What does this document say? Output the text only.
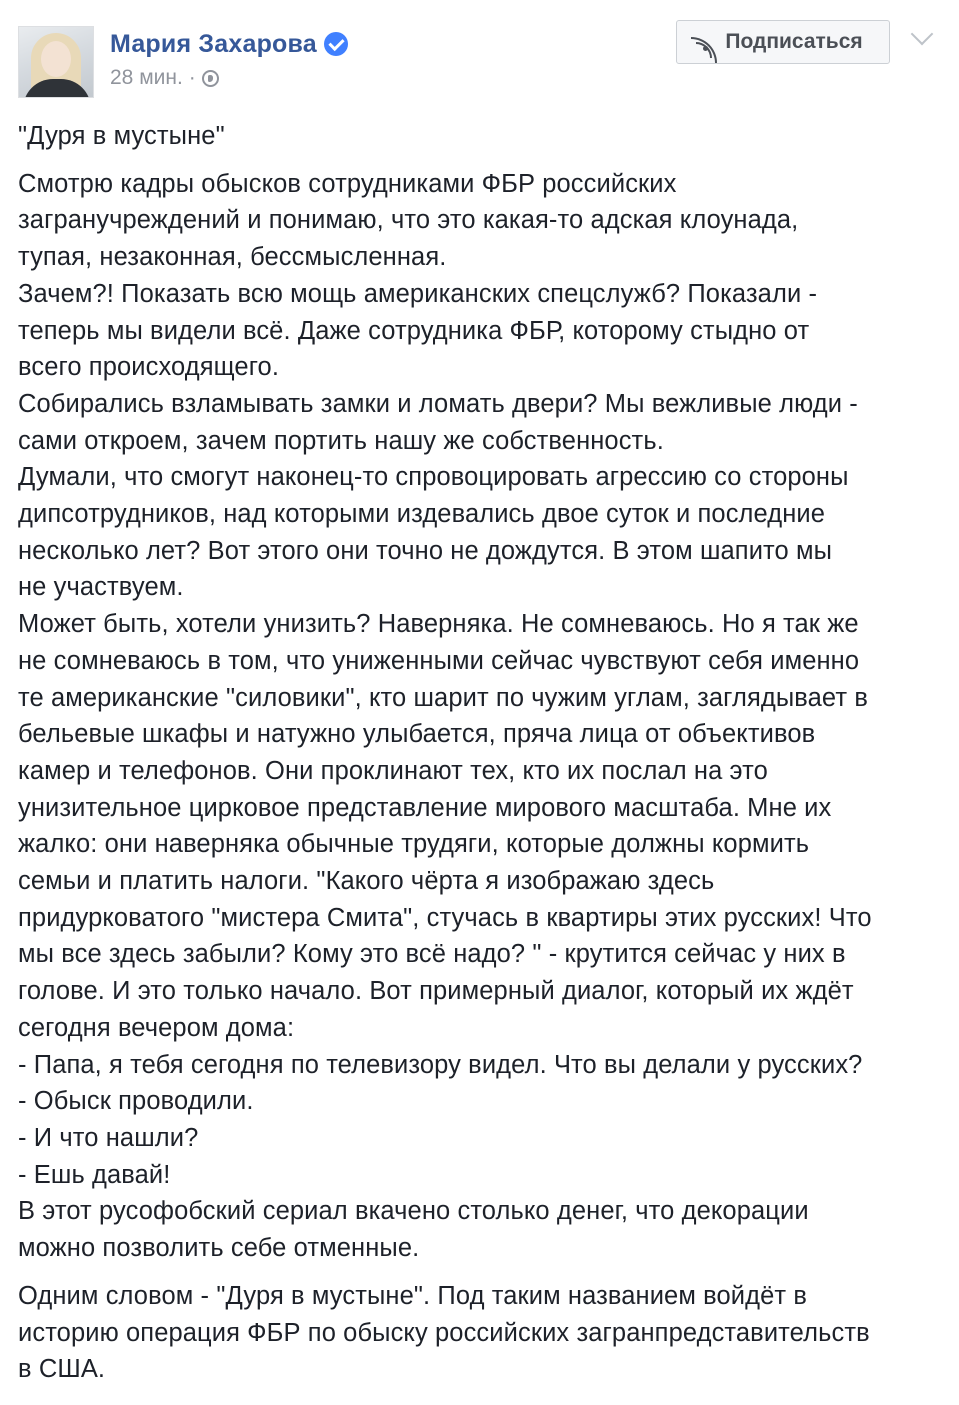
Мария Захарова
28 мин. ·
Подписаться

"Дуря в мустыне"

Смотрю кадры обысков сотрудниками ФБР российских

загранучреждений и понимаю, что это какая-то адская клоунада,

тупая, незаконная, бессмысленная.

Зачем?! Показать всю мощь американских спецслужб? Показали -

теперь мы видели всё. Даже сотрудника ФБР, которому стыдно от

всего происходящего.

Собирались взламывать замки и ломать двери? Мы вежливые люди -

сами откроем, зачем портить нашу же собственность.

Думали, что смогут наконец-то спровоцировать агрессию со стороны

дипсотрудников, над которыми издевались двое суток и последние

несколько лет? Вот этого они точно не дождутся. В этом шапито мы

не участвуем.

Может быть, хотели унизить? Наверняка. Не сомневаюсь. Но я так же

не сомневаюсь в том, что униженными сейчас чувствуют себя именно

те американские "силовики", кто шарит по чужим углам, заглядывает в

бельевые шкафы и натужно улыбается, пряча лица от объективов

камер и телефонов. Они проклинают тех, кто их послал на это

унизительное цирковое представление мирового масштаба. Мне их

жалко: они наверняка обычные трудяги, которые должны кормить

семьи и платить налоги. "Какого чёрта я изображаю здесь

придурковатого "мистера Смита", стучась в квартиры этих русских! Что

мы все здесь забыли? Кому это всё надо? " - крутится сейчас у них в

голове. И это только начало. Вот примерный диалог, который их ждёт

сегодня вечером дома:

- Папа, я тебя сегодня по телевизору видел. Что вы делали у русских?

- Обыск проводили.

- И что нашли?

- Ешь давай!

В этот русофобский сериал вкачено столько денег, что декорации

можно позволить себе отменные.

Одним словом - "Дуря в мустыне". Под таким названием войдёт в

историю операция ФБР по обыску российских загранпредставительств

в США.
